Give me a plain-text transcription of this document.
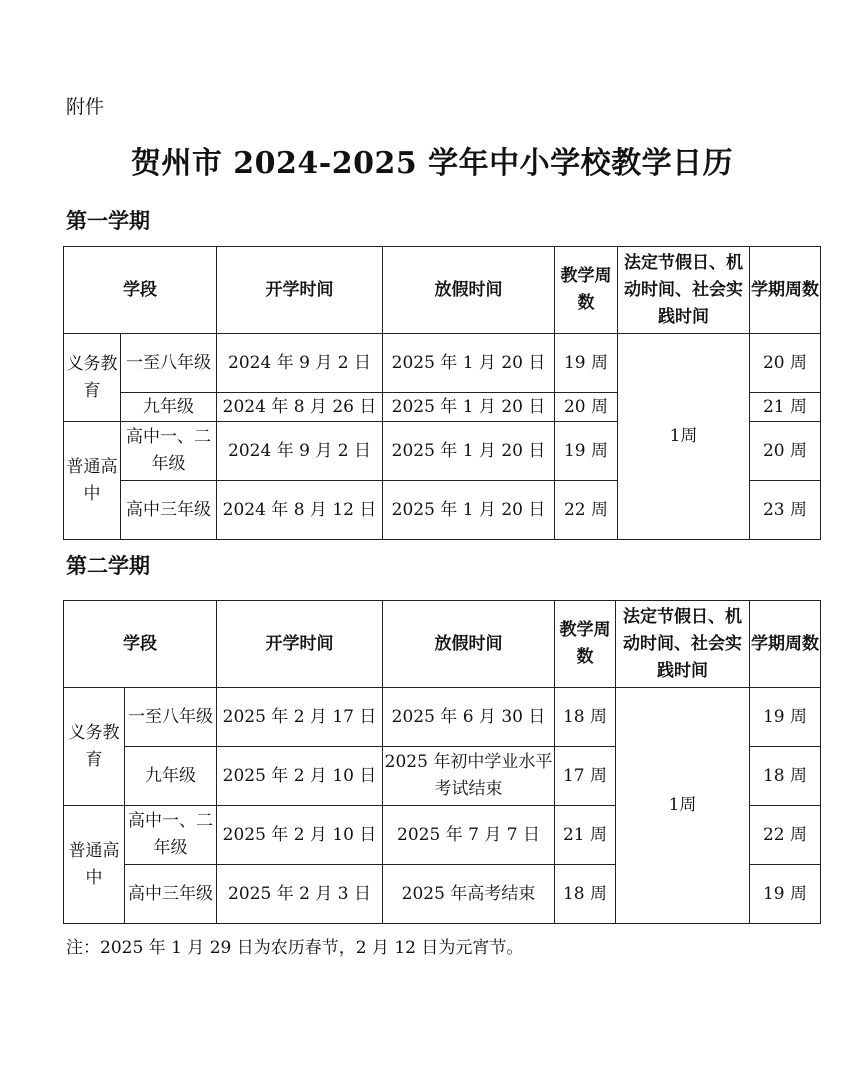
附件
贺州市 2024-2025 学年中小学校教学日历
第一学期
学段		开学时间	放假时间	教学周数	法定节假日、机动时间、社会实践时间	学期周数
义务教育	一至八年级	2024 年 9 月 2 日	2025 年 1 月 20 日	19 周	1周	20 周
	九年级	2024 年 8 月 26 日	2025 年 1 月 20 日	20 周		21 周
普通高中	高中一、二年级	2024 年 9 月 2 日	2025 年 1 月 20 日	19 周		20 周
	高中三年级	2024 年 8 月 12 日	2025 年 1 月 20 日	22 周		23 周
第二学期
学段		开学时间	放假时间	教学周数	法定节假日、机动时间、社会实践时间	学期周数
义务教育	一至八年级	2025 年 2 月 17 日	2025 年 6 月 30 日	18 周	1周	19 周
	九年级	2025 年 2 月 10 日	2025 年初中学业水平考试结束	17 周		18 周
普通高中	高中一、二年级	2025 年 2 月 10 日	2025 年 7 月 7 日	21 周		22 周
	高中三年级	2025 年 2 月 3 日	2025 年高考结束	18 周		19 周
注：2025 年 1 月 29 日为农历春节，2 月 12 日为元宵节。
